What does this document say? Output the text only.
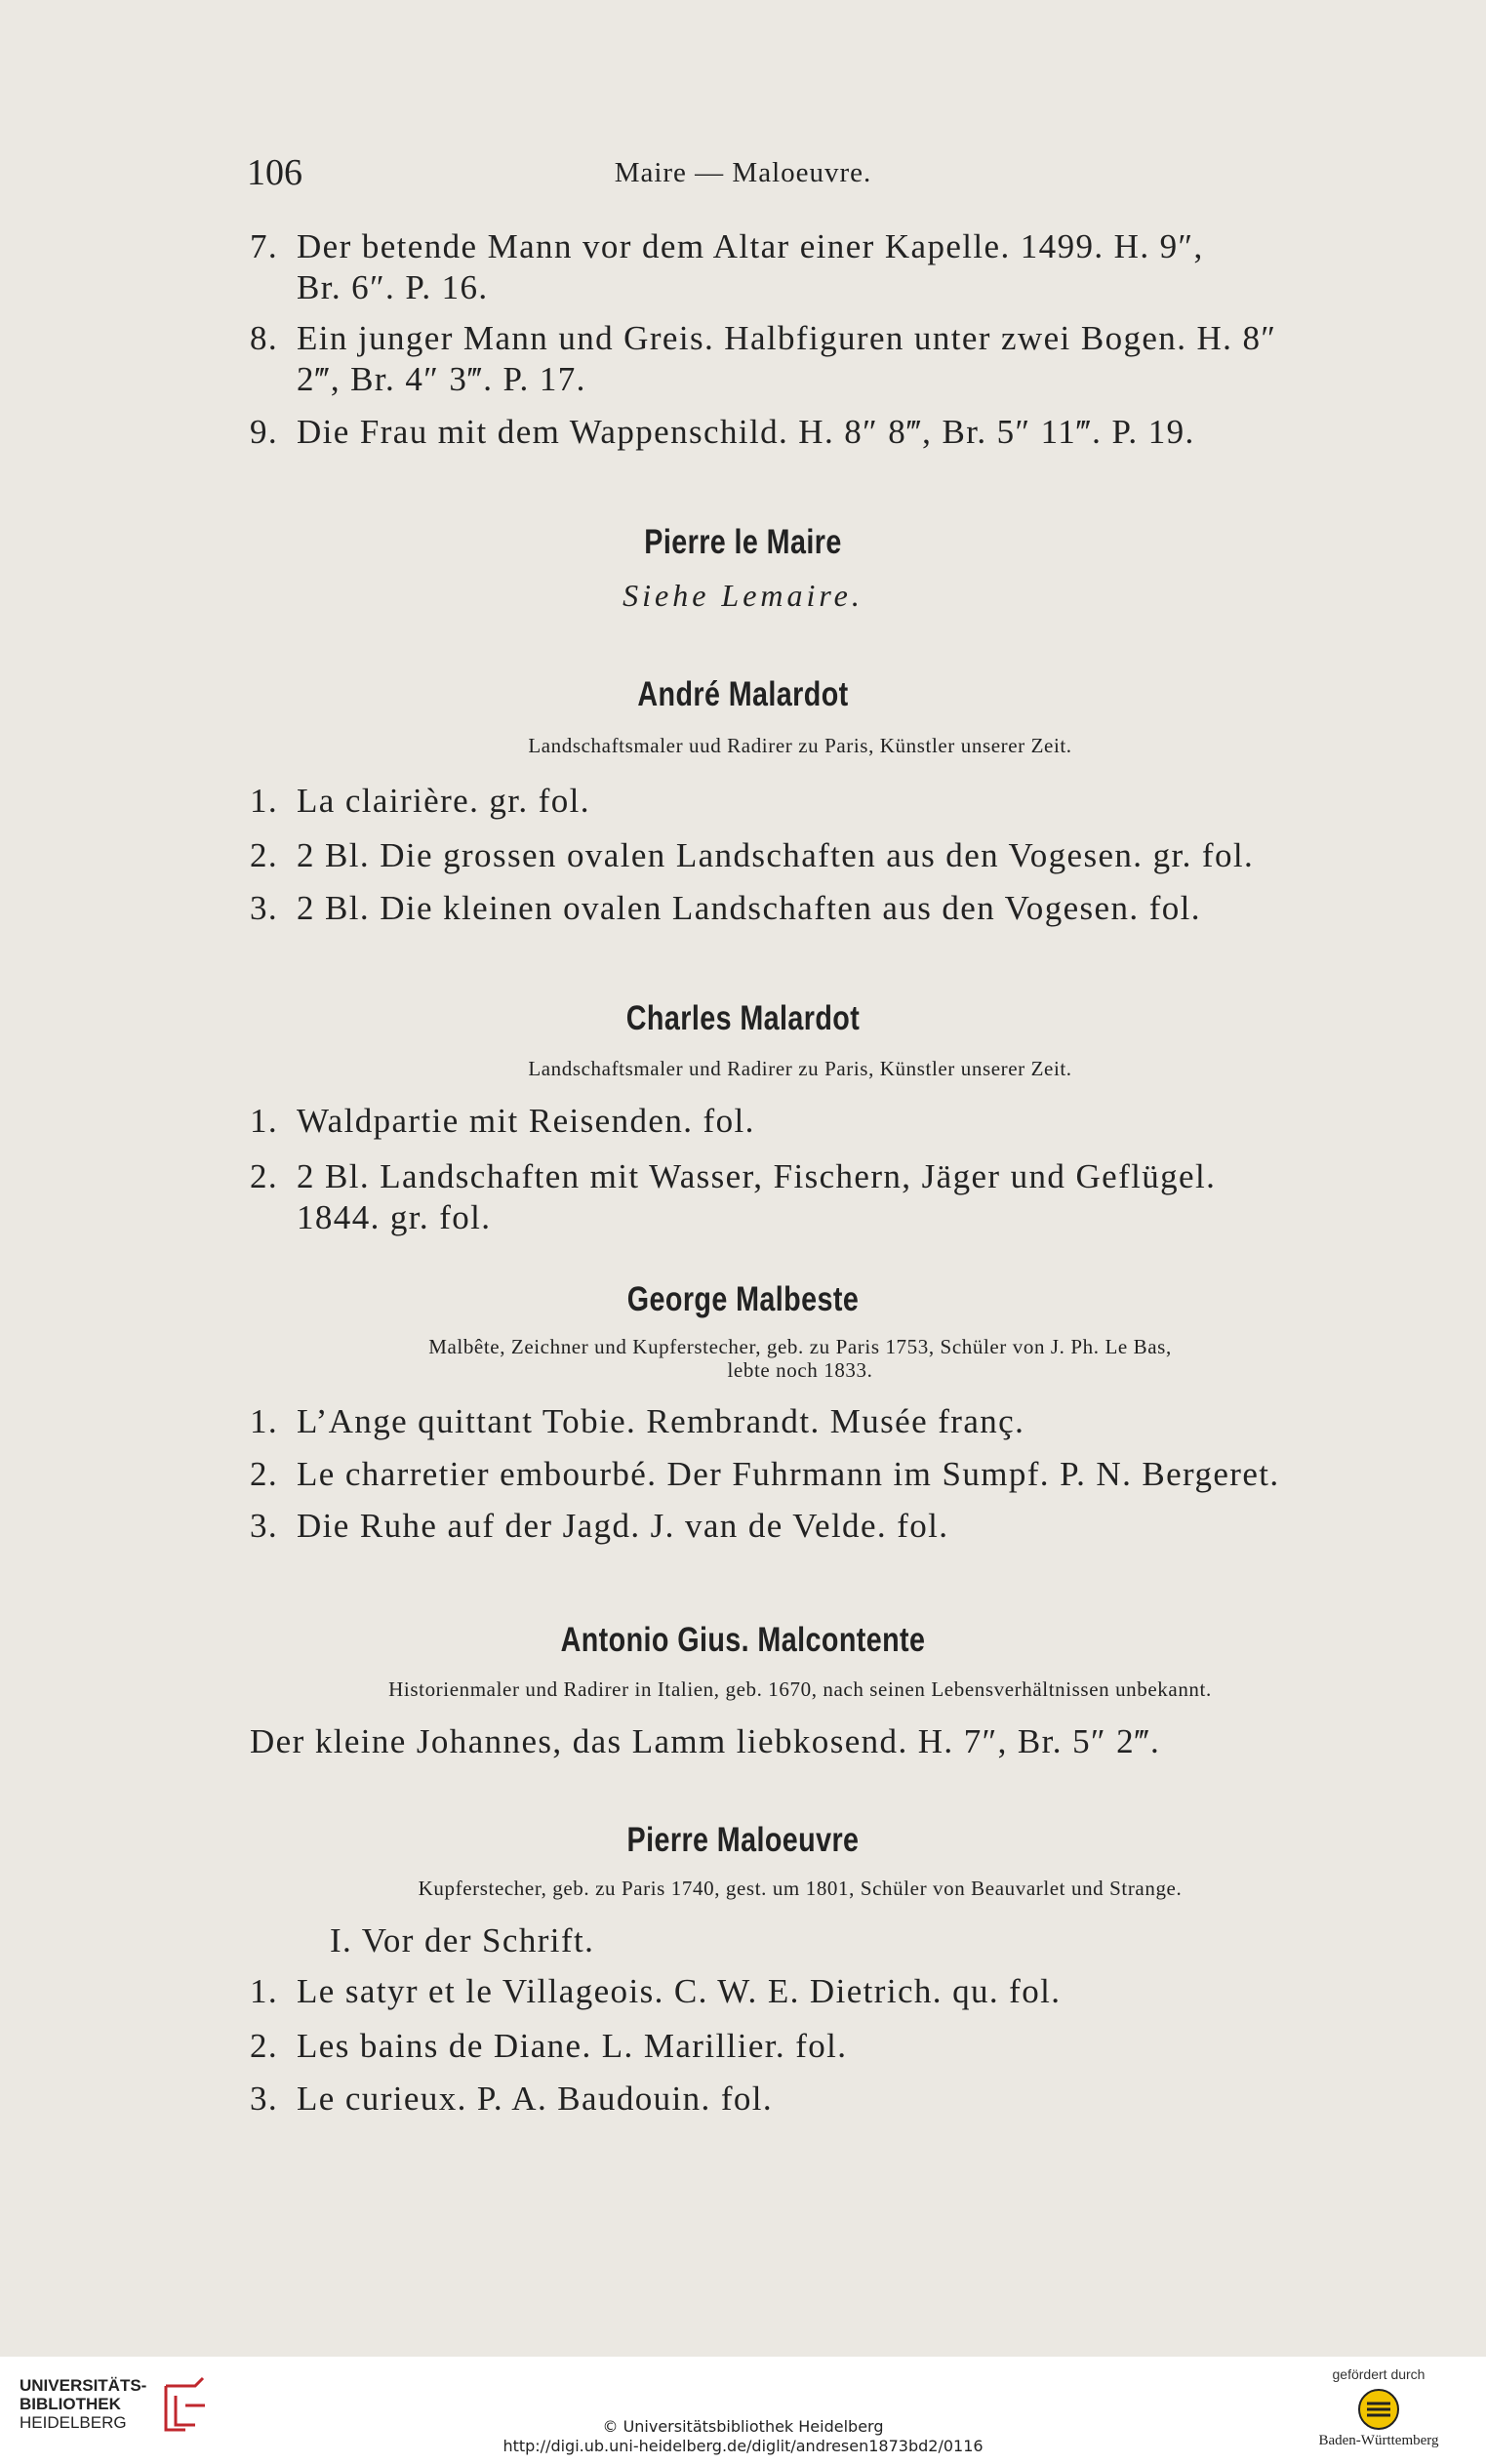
106	Maire — Maloeuvre.
7. Der betende Mann vor dem Altar einer Kapelle. 1499. H. 9″,
Br. 6″. P. 16.
8. Ein junger Mann und Greis. Halbfiguren unter zwei Bogen. H. 8″
2‴, Br. 4″ 3‴. P. 17.
9. Die Frau mit dem Wappenschild. H. 8″ 8‴, Br. 5″ 11‴. P. 19.
Pierre le Maire
Siehe Lemaire.
André Malardot
Landschaftsmaler uud Radirer zu Paris, Künstler unserer Zeit.
1. La clairière. gr. fol.
2. 2 Bl. Die grossen ovalen Landschaften aus den Vogesen. gr. fol.
3. 2 Bl. Die kleinen ovalen Landschaften aus den Vogesen. fol.
Charles Malardot
Landschaftsmaler und Radirer zu Paris, Künstler unserer Zeit.
1. Waldpartie mit Reisenden. fol.
2. 2 Bl. Landschaften mit Wasser, Fischern, Jäger und Geflügel.
1844. gr. fol.
George Malbeste
Malbête, Zeichner und Kupferstecher, geb. zu Paris 1753, Schüler von J. Ph. Le Bas,
lebte noch 1833.
1. L’Ange quittant Tobie. Rembrandt. Musée franç.
2. Le charretier embourbé. Der Fuhrmann im Sumpf. P. N. Bergeret.
3. Die Ruhe auf der Jagd. J. van de Velde. fol.
Antonio Gius. Malcontente
Historienmaler und Radirer in Italien, geb. 1670, nach seinen Lebensverhältnissen unbekannt.
Der kleine Johannes, das Lamm liebkosend. H. 7″, Br. 5″ 2‴.
Pierre Maloeuvre
Kupferstecher, geb. zu Paris 1740, gest. um 1801, Schüler von Beauvarlet und Strange.
I. Vor der Schrift.
1. Le satyr et le Villageois. C. W. E. Dietrich. qu. fol.
2. Les bains de Diane. L. Marillier. fol.
3. Le curieux. P. A. Baudouin. fol.
UNIVERSITÄTS-
BIBLIOTHEK
HEIDELBERG	© Universitätsbibliothek Heidelberg
http://digi.ub.uni-heidelberg.de/diglit/andresen1873bd2/0116
gefördert durch
Baden-Württemberg
